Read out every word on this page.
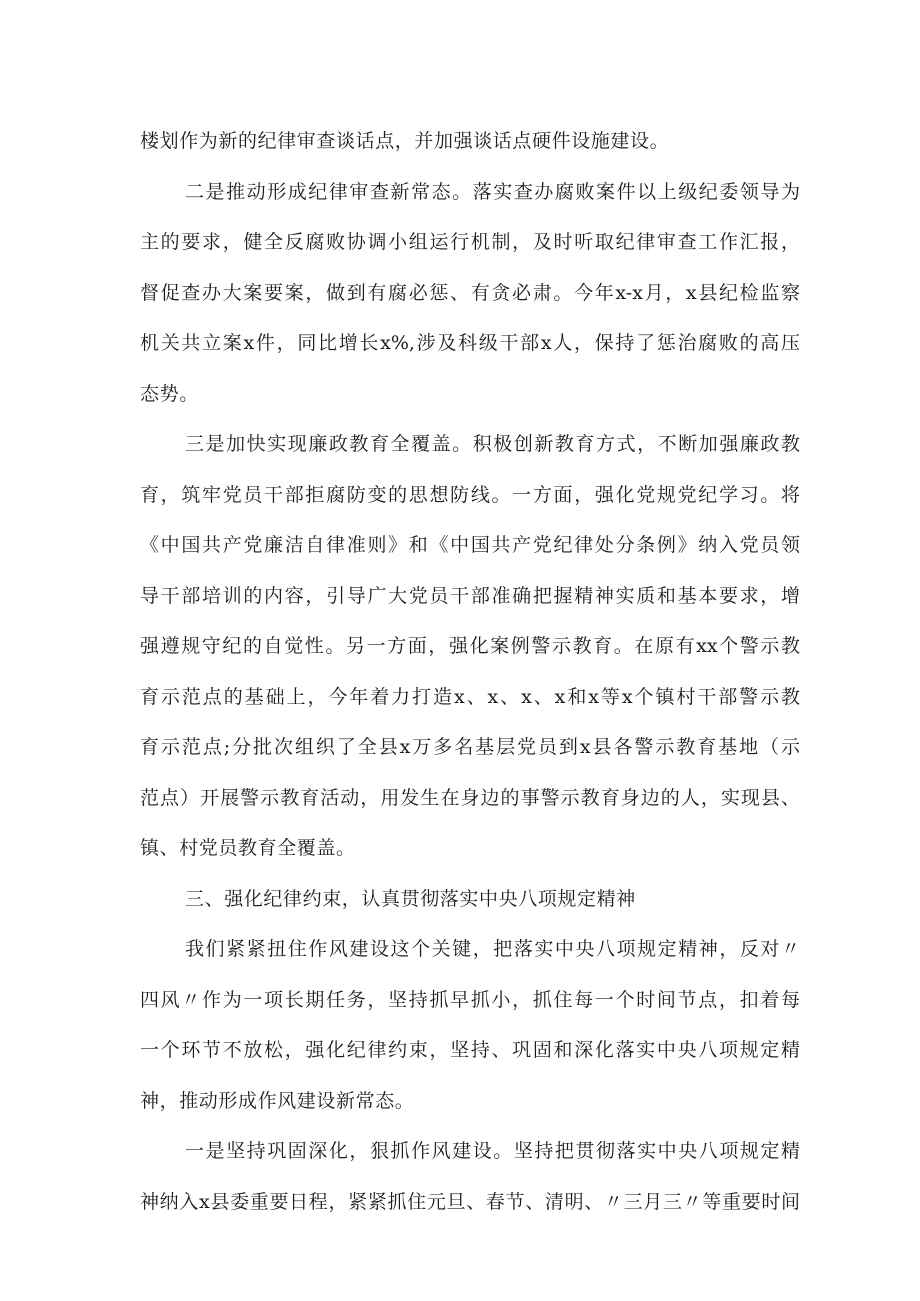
楼划作为新的纪律审查谈话点，并加强谈话点硬件设施建设。
二是推动形成纪律审查新常态。落实查办腐败案件以上级纪委领导为
主的要求，健全反腐败协调小组运行机制，及时听取纪律审查工作汇报，
督促查办大案要案，做到有腐必惩、有贪必肃。今年x-x月，x县纪检监察
机关共立案x件，同比增长x%,涉及科级干部x人，保持了惩治腐败的高压
态势。
三是加快实现廉政教育全覆盖。积极创新教育方式，不断加强廉政教
育，筑牢党员干部拒腐防变的思想防线。一方面，强化党规党纪学习。将
《中国共产党廉洁自律准则》和《中国共产党纪律处分条例》纳入党员领
导干部培训的内容，引导广大党员干部准确把握精神实质和基本要求，增
强遵规守纪的自觉性。另一方面，强化案例警示教育。在原有xx个警示教
育示范点的基础上，今年着力打造x、x、x、x和x等x个镇村干部警示教
育示范点;分批次组织了全县x万多名基层党员到x县各警示教育基地（示
范点）开展警示教育活动，用发生在身边的事警示教育身边的人，实现县、
镇、村党员教育全覆盖。
三、强化纪律约束，认真贯彻落实中央八项规定精神
我们紧紧扭住作风建设这个关键，把落实中央八项规定精神，反对〃
四风〃作为一项长期任务，坚持抓早抓小，抓住每一个时间节点，扣着每
一个环节不放松，强化纪律约束，坚持、巩固和深化落实中央八项规定精
神，推动形成作风建设新常态。
一是坚持巩固深化，狠抓作风建设。坚持把贯彻落实中央八项规定精
神纳入x县委重要日程，紧紧抓住元旦、春节、清明、〃三月三〃等重要时间
